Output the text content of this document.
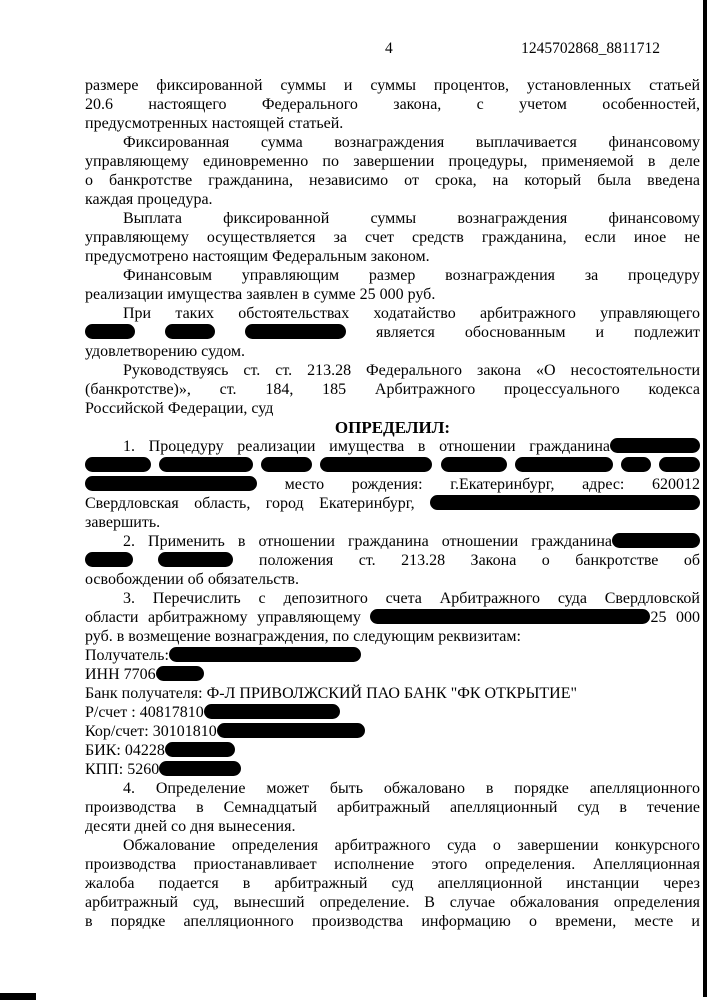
4	1245702868_8811712
размере фиксированной суммы и суммы процентов, установленных статьей
20.6 настоящего Федерального закона, с учетом особенностей,
предусмотренных настоящей статьей.
Фиксированная сумма вознаграждения выплачивается финансовому
управляющему единовременно по завершении процедуры, применяемой в деле
о банкротстве гражданина, независимо от срока, на который была введена
каждая процедура.
Выплата фиксированной суммы вознаграждения финансовому
управляющему осуществляется за счет средств гражданина, если иное не
предусмотрено настоящим Федеральным законом.
Финансовым управляющим размер вознаграждения за процедуру
реализации имущества заявлен в сумме 25 000 руб.
При таких обстоятельствах ходатайство арбитражного управляющего
является обоснованным и подлежит
удовлетворению судом.
Руководствуясь ст. ст. 213.28 Федерального закона «О несостоятельности
(банкротстве)», ст. 184, 185 Арбитражного процессуального кодекса
Российской Федерации, суд
ОПРЕДЕЛИЛ:
1. Процедуру реализации имущества в отношении гражданина

место рождения: г.Екатеринбург, адрес: 620012
Свердловская область, город Екатеринбург,
завершить.
2. Применить в отношении гражданина отношении гражданина
положения ст. 213.28 Закона о банкротстве об
освобождении об обязательств.
3. Перечислить с депозитного счета Арбитражного суда Свердловской
области арбитражному управляющему	25 000
руб. в возмещение вознаграждения, по следующим реквизитам:
Получатель:
ИНН 7706
Банк получателя: Ф-Л ПРИВОЛЖСКИЙ ПАО БАНК "ФК ОТКРЫТИЕ"
Р/счет : 40817810
Кор/счет: 30101810
БИК: 04228
КПП: 5260
4. Определение может быть обжаловано в порядке апелляционного
производства в Семнадцатый арбитражный апелляционный суд в течение
десяти дней со дня вынесения.
Обжалование определения арбитражного суда о завершении конкурсного
производства приостанавливает исполнение этого определения. Апелляционная
жалоба подается в арбитражный суд апелляционной инстанции через
арбитражный суд, вынесший определение. В случае обжалования определения
в порядке апелляционного производства информацию о времени, месте и
